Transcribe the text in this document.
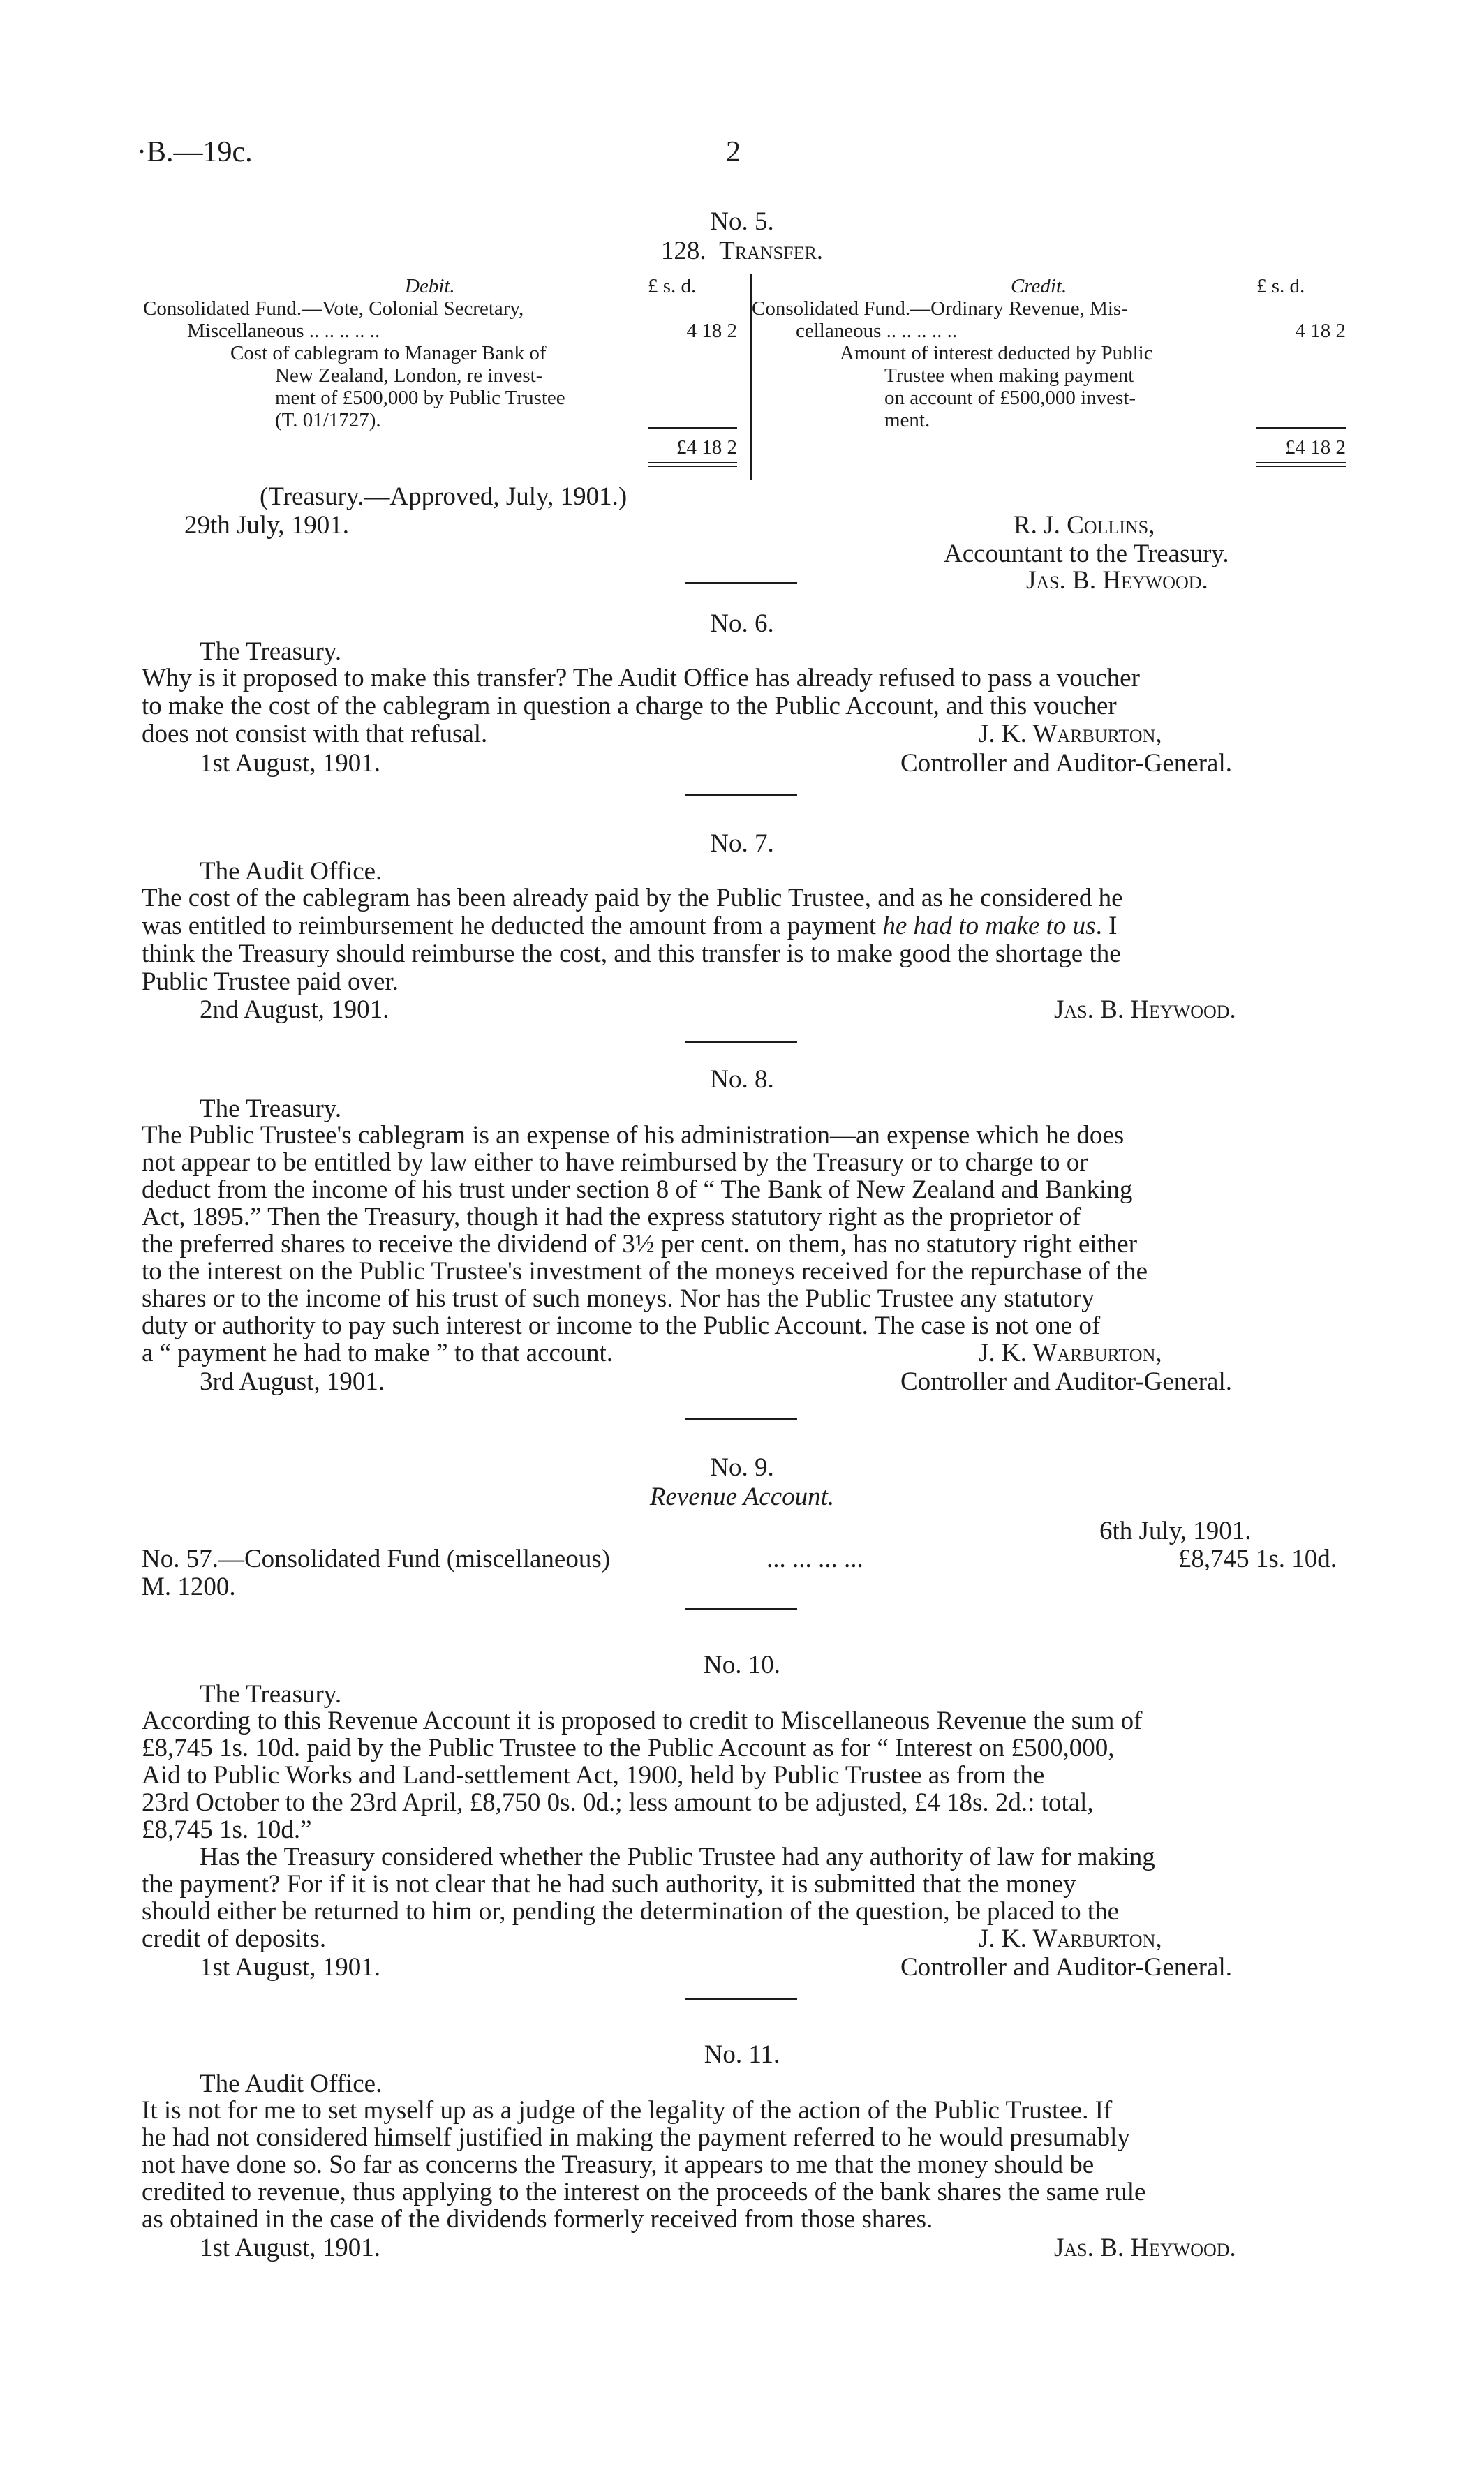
·B.—19c.	2
No. 5.
128. Transfer.
Debit.	£ s. d.
Consolidated Fund.—Vote, Colonial Secretary,
Miscellaneous .. .. .. .. ..	4 18 2
Cost of cablegram to Manager Bank of
New Zealand, London, re invest-
ment of £500,000 by Public Trustee
(T. 01/1727).
£4 18 2
Credit.	£ s. d.
Consolidated Fund.—Ordinary Revenue, Mis-
cellaneous .. .. .. .. ..	4 18 2
Amount of interest deducted by Public
Trustee when making payment
on account of £500,000 invest-
ment.
£4 18 2
(Treasury.—Approved, July, 1901.)
29th July, 1901.	R. J. Collins,
Accountant to the Treasury.
Jas. B. Heywood.
No. 6.
The Treasury.
Why is it proposed to make this transfer? The Audit Office has already refused to pass a voucher
to make the cost of the cablegram in question a charge to the Public Account, and this voucher
does not consist with that refusal.	J. K. Warburton,
1st August, 1901.	Controller and Auditor-General.
No. 7.
The Audit Office.
The cost of the cablegram has been already paid by the Public Trustee, and as he considered he
was entitled to reimbursement he deducted the amount from a payment he had to make to us. I
think the Treasury should reimburse the cost, and this transfer is to make good the shortage the
Public Trustee paid over.
2nd August, 1901.	Jas. B. Heywood.
No. 8.
The Treasury.
The Public Trustee's cablegram is an expense of his administration—an expense which he does
not appear to be entitled by law either to have reimbursed by the Treasury or to charge to or
deduct from the income of his trust under section 8 of “ The Bank of New Zealand and Banking
Act, 1895.” Then the Treasury, though it had the express statutory right as the proprietor of
the preferred shares to receive the dividend of 3½ per cent. on them, has no statutory right either
to the interest on the Public Trustee's investment of the moneys received for the repurchase of the
shares or to the income of his trust of such moneys. Nor has the Public Trustee any statutory
duty or authority to pay such interest or income to the Public Account. The case is not one of
a “ payment he had to make ” to that account.	J. K. Warburton,
3rd August, 1901.	Controller and Auditor-General.
No. 9.
Revenue Account.
6th July, 1901.
No. 57.—Consolidated Fund (miscellaneous)	... ... ... ...	£8,745 1s. 10d.
M. 1200.
No. 10.
The Treasury.
According to this Revenue Account it is proposed to credit to Miscellaneous Revenue the sum of
£8,745 1s. 10d. paid by the Public Trustee to the Public Account as for “ Interest on £500,000,
Aid to Public Works and Land-settlement Act, 1900, held by Public Trustee as from the
23rd October to the 23rd April, £8,750 0s. 0d.; less amount to be adjusted, £4 18s. 2d.: total,
£8,745 1s. 10d.”
Has the Treasury considered whether the Public Trustee had any authority of law for making
the payment? For if it is not clear that he had such authority, it is submitted that the money
should either be returned to him or, pending the determination of the question, be placed to the
credit of deposits.	J. K. Warburton,
1st August, 1901.	Controller and Auditor-General.
No. 11.
The Audit Office.
It is not for me to set myself up as a judge of the legality of the action of the Public Trustee. If
he had not considered himself justified in making the payment referred to he would presumably
not have done so. So far as concerns the Treasury, it appears to me that the money should be
credited to revenue, thus applying to the interest on the proceeds of the bank shares the same rule
as obtained in the case of the dividends formerly received from those shares.
1st August, 1901.	Jas. B. Heywood.
